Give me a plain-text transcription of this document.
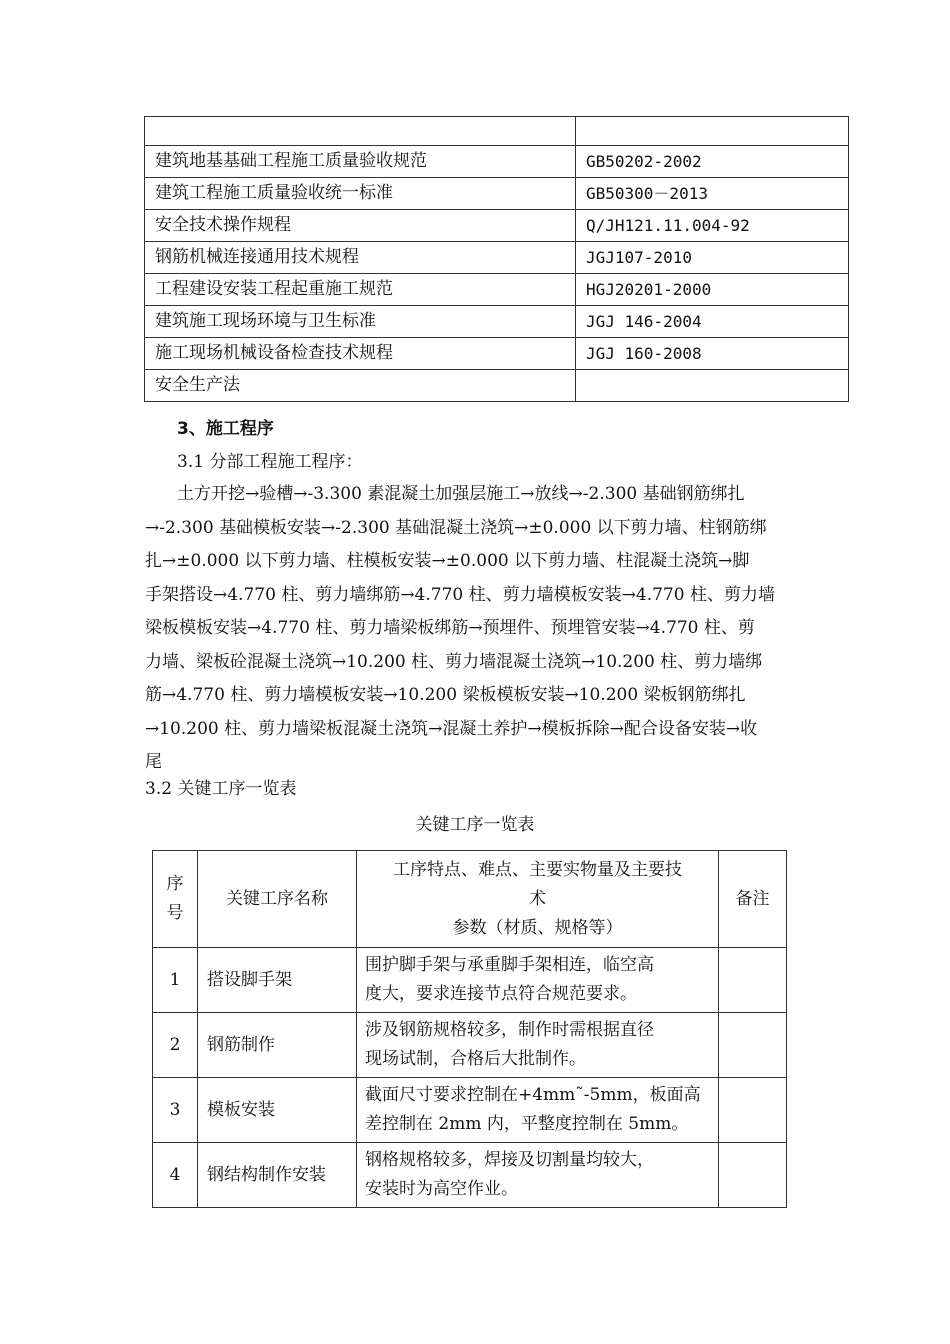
建筑地基基础工程施工质量验收规范	GB50202-2002
建筑工程施工质量验收统一标准	GB50300－2013
安全技术操作规程	Q/JH121.11.004-92
钢筋机械连接通用技术规程	JGJ107-2010
工程建设安装工程起重施工规范	HGJ20201-2000
建筑施工现场环境与卫生标准	JGJ 146-2004
施工现场机械设备检查技术规程	JGJ 160-2008
安全生产法	
3、施工程序
3.1 分部工程施工程序：
土方开挖→验槽→-3.300 素混凝土加强层施工→放线→-2.300 基础钢筋绑扎
→-2.300 基础模板安装→-2.300 基础混凝土浇筑→±0.000 以下剪力墙、柱钢筋绑
扎→±0.000 以下剪力墙、柱模板安装→±0.000 以下剪力墙、柱混凝土浇筑→脚
手架搭设→4.770 柱、剪力墙绑筋→4.770 柱、剪力墙模板安装→4.770 柱、剪力墙
梁板模板安装→4.770 柱、剪力墙梁板绑筋→预埋件、预埋管安装→4.770 柱、剪
力墙、梁板砼混凝土浇筑→10.200 柱、剪力墙混凝土浇筑→10.200 柱、剪力墙绑
筋→4.770 柱、剪力墙模板安装→10.200 梁板模板安装→10.200 梁板钢筋绑扎
→10.200 柱、剪力墙梁板混凝土浇筑→混凝土养护→模板拆除→配合设备安装→收
尾
3.2 关键工序一览表
关键工序一览表
序
号	关键工序名称	工序特点、难点、主要实物量及主要技
术
参数（材质、规格等）	备注
1	搭设脚手架	围护脚手架与承重脚手架相连，临空高
度大，要求连接节点符合规范要求。	

2	钢筋制作	涉及钢筋规格较多，制作时需根据直径
现场试制，合格后大批制作。	

3	模板安装	截面尺寸要求控制在+4mm˜-5mm，板面高
差控制在 2mm 内，平整度控制在 5mm。	

4	钢结构制作安装	钢格规格较多，焊接及切割量均较大，
安装时为高空作业。	
